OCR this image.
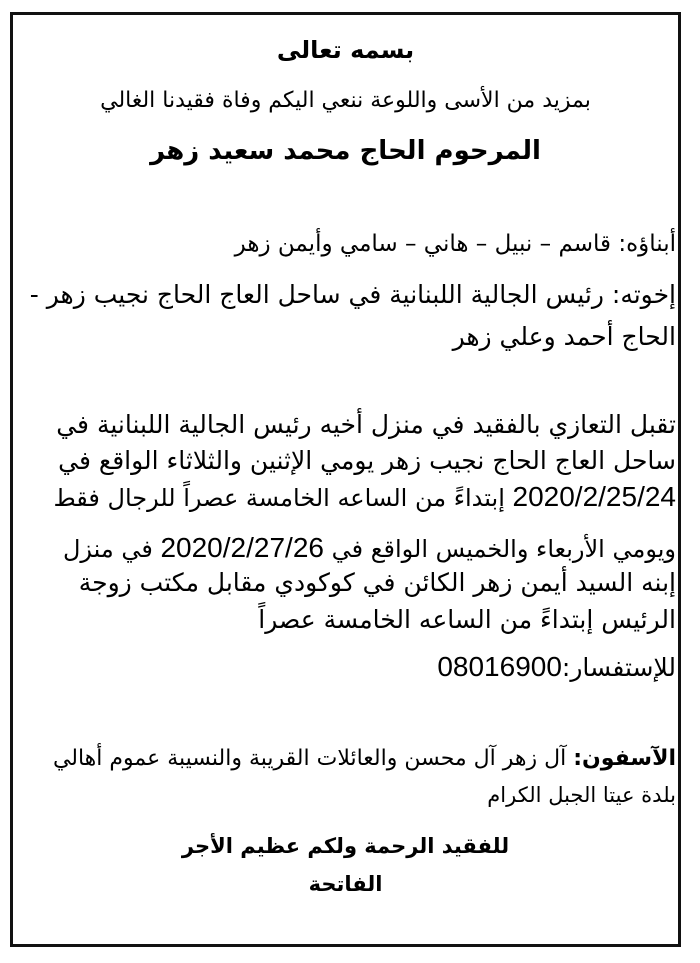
بسمه تعالى
بمزيد من الأسى واللوعة ننعي اليكم وفاة فقيدنا الغالي
المرحوم الحاج محمد سعيد زهر
أبناؤه: قاسم – نبيل – هاني – سامي وأيمن زهر
إخوته: رئيس الجالية اللبنانية في ساحل العاج الحاج نجيب زهر -
الحاج أحمد وعلي زهر
تقبل التعازي بالفقيد في منزل أخيه رئيس الجالية اللبنانية في
ساحل العاج الحاج نجيب زهر يومي الإثنين والثلاثاء الواقع في
2020/2/25/24 إبتداءً من الساعه الخامسة عصراً للرجال فقط
ويومي الأربعاء والخميس الواقع في 2020/2/27/26 في منزل
إبنه السيد أيمن زهر الكائن في كوكودي مقابل مكتب زوجة
الرئيس إبتداءً من الساعه الخامسة عصراً
للإستفسار:08016900
الآسفون: آل زهر آل محسن والعائلات القريبة والنسيبة عموم أهالي
بلدة عيتا الجبل الكرام
للفقيد الرحمة ولكم عظيم الأجر
الفاتحة
